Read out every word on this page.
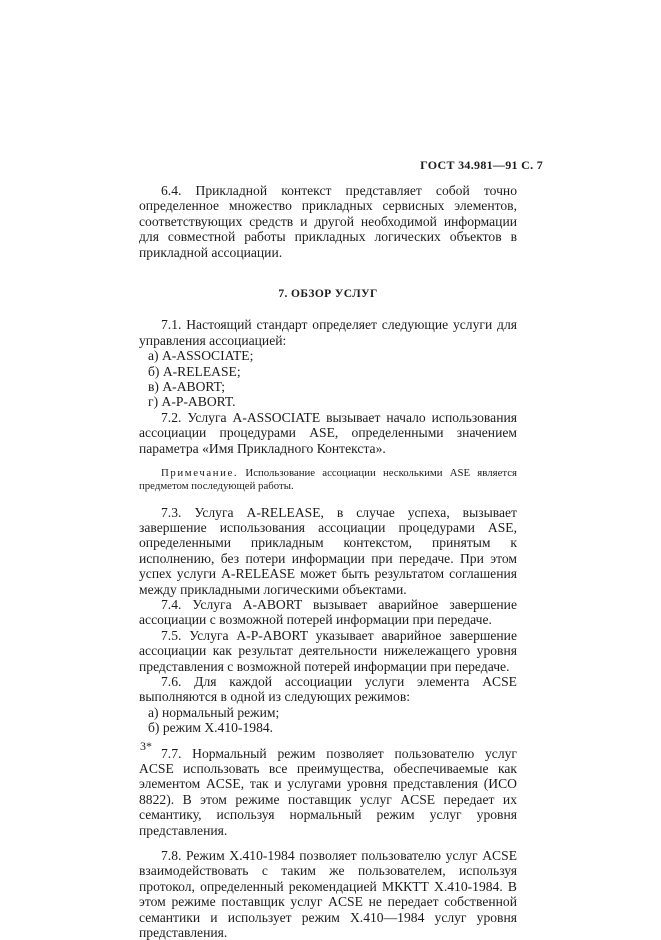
ГОСТ 34.981—91 С. 7

6.4. Прикладной контекст представляет собой точно определенное множество прикладных сервисных элементов, соответствующих средств и другой необходимой информации для совместной работы прикладных логических объектов в прикладной ассоциации.

7. ОБЗОР УСЛУГ

7.1. Настоящий стандарт определяет следующие услуги для управления ассоциацией:

а) A-ASSOCIATE;

б) A-RELEASE;

в) A-ABORT;

г) A-P-ABORT.

7.2. Услуга A-ASSOCIATE вызывает начало использования ассоциации процедурами ASE, определенными значением параметра «Имя Прикладного Контекста».

Примечание. Использование ассоциации несколькими ASE является предметом последующей работы.

7.3. Услуга A-RELEASE, в случае успеха, вызывает завершение использования ассоциации процедурами ASE, определенными прикладным контекстом, принятым к исполнению, без потери информации при передаче. При этом успех услуги A-RELEASE может быть результатом соглашения между прикладными логическими объектами.

7.4. Услуга A-ABORT вызывает аварийное завершение ассоциации с возможной потерей информации при передаче.

7.5. Услуга A-P-ABORT указывает аварийное завершение ассоциации как результат деятельности нижележащего уровня представления с возможной потерей информации при передаче.

7.6. Для каждой ассоциации услуги элемента ACSE выполняются в одной из следующих режимов:

а) нормальный режим;

б) режим X.410-1984.

7.7. Нормальный режим позволяет пользователю услуг ACSE использовать все преимущества, обеспечиваемые как элементом ACSE, так и услугами уровня представления (ИСО 8822). В этом режиме поставщик услуг ACSE передает их семантику, используя нормальный режим услуг уровня представления.

7.8. Режим X.410-1984 позволяет пользователю услуг ACSE взаимодействовать с таким же пользователем, используя протокол, определенный рекомендацией МККТТ X.410-1984. В этом режиме поставщик услуг ACSE не передает собственной семантики и использует режим X.410—1984 услуг уровня представления.

3*
